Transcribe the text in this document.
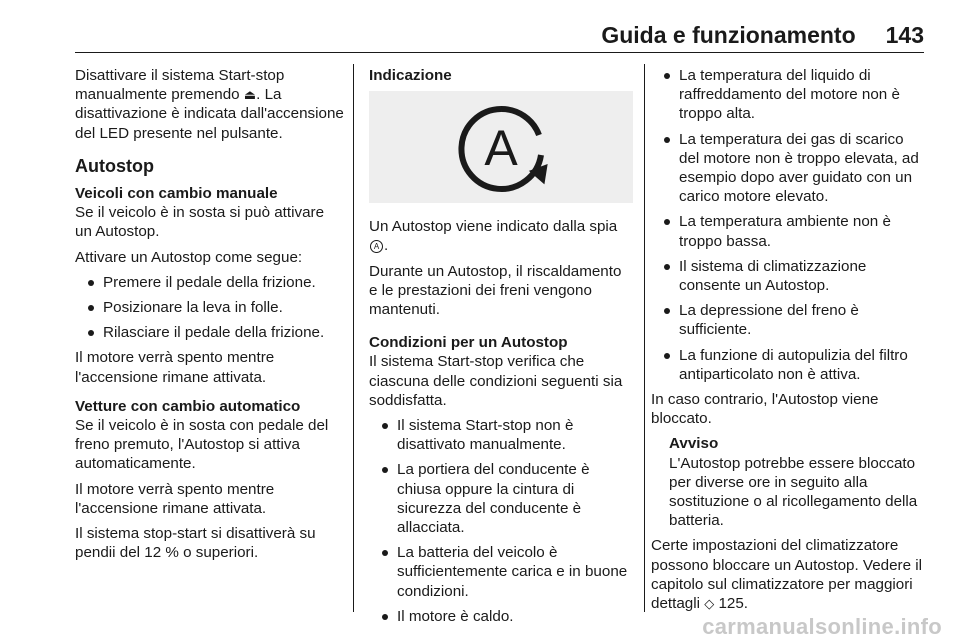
Guida e funzionamento 143

Disattivare il sistema Start-stop manualmente premendo ⏏. La disattivazione è indicata dall'accensione del LED presente nel pulsante.

Autostop
Veicoli con cambio manuale

Se il veicolo è in sosta si può attivare un Autostop.

Attivare un Autostop come segue:

Premere il pedale della frizione.
Posizionare la leva in folle.
Rilasciare il pedale della frizione.

Il motore verrà spento mentre l'accensione rimane attivata.

Vetture con cambio automatico

Se il veicolo è in sosta con pedale del freno premuto, l'Autostop si attiva automaticamente.

Il motore verrà spento mentre l'accensione rimane attivata.

Il sistema stop-start si disattiverà su pendii del 12 % o superiori.

Indicazione
A

Un Autostop viene indicato dalla spia A .

Durante un Autostop, il riscaldamento e le prestazioni dei freni vengono mantenuti.

Condizioni per un Autostop

Il sistema Start-stop verifica che ciascuna delle condizioni seguenti sia soddisfatta.

Il sistema Start-stop non è disattivato manualmente.
La portiera del conducente è chiusa oppure la cintura di sicurezza del conducente è allacciata.
La batteria del veicolo è sufficientemente carica e in buone condizioni.
Il motore è caldo.
La temperatura del liquido di raffreddamento del motore non è troppo alta.
La temperatura dei gas di scarico del motore non è troppo elevata, ad esempio dopo aver guidato con un carico motore elevato.
La temperatura ambiente non è troppo bassa.
Il sistema di climatizzazione consente un Autostop.
La depressione del freno è sufficiente.
La funzione di autopulizia del filtro antiparticolato non è attiva.

In caso contrario, l'Autostop viene bloccato.

Avviso

L'Autostop potrebbe essere bloccato per diverse ore in seguito alla sostituzione o al ricollegamento della batteria.

Certe impostazioni del climatizzatore possono bloccare un Autostop. Vedere il capitolo sul climatizzatore per maggiori dettagli ◇ 125.

carmanualsonline.info
